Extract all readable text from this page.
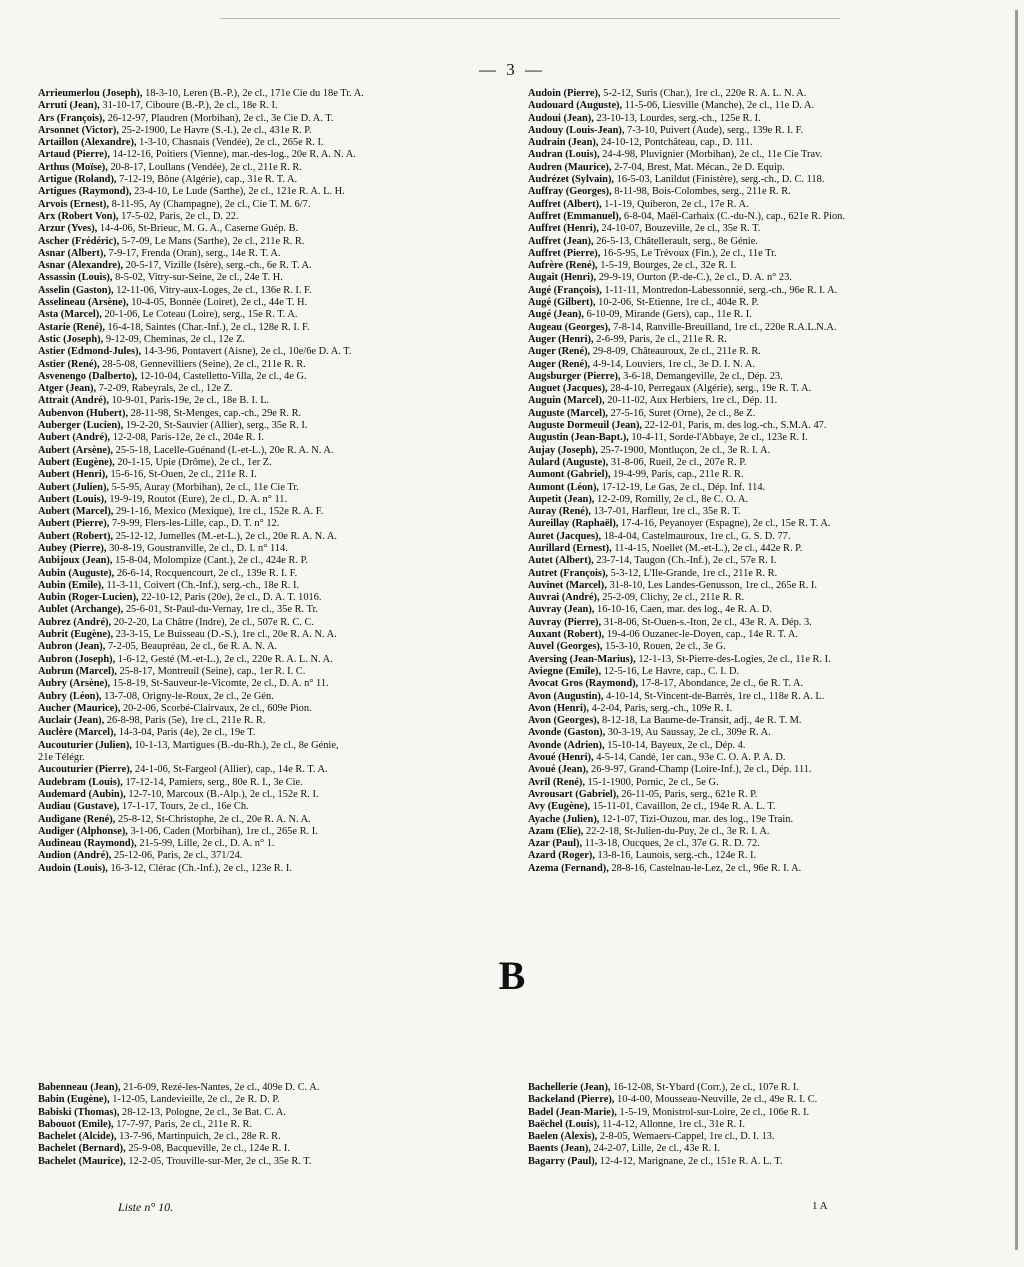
— 3 —
Arrieumerlou (Joseph), 18-3-10, Leren (B.-P.), 2e cl., 171e Cie du 18e Tr. A.
Arruti (Jean), 31-10-17, Ciboure (B.-P.), 2e cl., 18e R. I.
Ars (François), 26-12-97, Plaudren (Morbihan), 2e cl., 3e Cie D. A. T.
Arsonnet (Victor), 25-2-1900, Le Havre (S.-I.), 2e cl., 431e R. P.
Artaillon (Alexandre), 1-3-10, Chasnais (Vendée), 2e cl., 265e R. I.
Artaud (Pierre), 14-12-16, Poitiers (Vienne), mar.-des-log., 20e R. A. N. A.
Arthus (Moïse), 20-8-17, Loullans (Vendée), 2e cl., 211e R. R.
Artigue (Roland), 7-12-19, Bône (Algérie), cap., 31e R. T. A.
Artigues (Raymond), 23-4-10, Le Lude (Sarthe), 2e cl., 121e R. A. L. H.
Arvois (Ernest), 8-11-95, Ay (Champagne), 2e cl., Cie T. M. 6/7.
Arx (Robert Von), 17-5-02, Paris, 2e cl., D. 22.
Arzur (Yves), 14-4-06, St-Brieuc, M. G. A., Caserne Guép. B.
Ascher (Frédéric), 5-7-09, Le Mans (Sarthe), 2e cl., 211e R. R.
Asnar (Albert), 7-9-17, Frenda (Oran), serg., 14e R. T. A.
Asnar (Alexandre), 20-5-17, Vizille (Isère), serg.-ch., 6e R. T. A.
Assassin (Louis), 8-5-02, Vitry-sur-Seine, 2e cl., 24e T. H.
Asselin (Gaston), 12-11-06, Vitry-aux-Loges, 2e cl., 136e R. I. F.
Asselineau (Arsène), 10-4-05, Bonnée (Loiret), 2e cl., 44e T. H.
Asta (Marcel), 20-1-06, Le Coteau (Loire), serg., 15e R. T. A.
Astarie (René), 16-4-18, Saintes (Char.-Inf.), 2e cl., 128e R. I. F.
Astic (Joseph), 9-12-09, Cheminas, 2e cl., 12e Z.
Astier (Edmond-Jules), 14-3-96, Pontavert (Aisne), 2e cl., 10e/6e D. A. T.
Astier (René), 28-5-08, Gennevilliers (Seine), 2e cl., 211e R. R.
Asvenengo (Dalberto), 12-10-04, Castelletto-Villa, 2e cl., 4e G.
Atger (Jean), 7-2-09, Rabeyrals, 2e cl., 12e Z.
Attrait (André), 10-9-01, Paris-19e, 2e cl., 18e B. I. L.
Aubenvon (Hubert), 28-11-98, St-Menges, cap.-ch., 29e R. R.
Auberger (Lucien), 19-2-20, St-Sauvier (Allier), serg., 35e R. I.
Aubert (André), 12-2-08, Paris-12e, 2e cl., 204e R. I.
Aubert (Arsène), 25-5-18, Lacelle-Guénand (I.-et-L.), 20e R. A. N. A.
Aubert (Eugène), 20-1-15, Upie (Drôme), 2e cl., 1er Z.
Aubert (Henri), 15-6-16, St-Ouen, 2e cl., 211e R. I.
Aubert (Julien), 5-5-95, Auray (Morbihan), 2e cl., 11e Cie Tr.
Aubert (Louis), 19-9-19, Routot (Eure), 2e cl., D. A. n° 11.
Aubert (Marcel), 29-1-16, Mexico (Mexique), 1re cl., 152e R. A. F.
Aubert (Pierre), 7-9-99, Flers-les-Lille, cap., D. T. n° 12.
Aubert (Robert), 25-12-12, Jumelles (M.-et-L.), 2e cl., 20e R. A. N. A.
Aubey (Pierre), 30-8-19, Goustranville, 2e cl., D. I. n° 114.
Aubijoux (Jean), 15-8-04, Molompize (Cant.), 2e cl., 424e R. P.
Aubin (Auguste), 26-6-14, Rocquencourt, 2e cl., 139e R. I. F.
Aubin (Emile), 11-3-11, Coivert (Ch.-Inf.), serg.-ch., 18e R. I.
Aubin (Roger-Lucien), 22-10-12, Paris (20e), 2e cl., D. A. T. 1016.
Aublet (Archange), 25-6-01, St-Paul-du-Vernay, 1re cl., 35e R. Tr.
Aubrez (André), 20-2-20, La Châtre (Indre), 2e cl., 507e R. C. C.
Aubrit (Eugène), 23-3-15, Le Buisseau (D.-S.), 1re cl., 20e R. A. N. A.
Aubron (Jean), 7-2-05, Beaupréau, 2e cl., 6e R. A. N. A.
Aubron (Joseph), 1-6-12, Gesté (M.-et-L.), 2e cl., 220e R. A. L. N. A.
Aubrun (Marcel), 25-8-17, Montreuil (Seine), cap., 1er R. I. C.
Aubry (Arsène), 15-8-19, St-Sauveur-le-Vicomte, 2e cl., D. A. n° 11.
Aubry (Léon), 13-7-08, Origny-le-Roux, 2e cl., 2e Gén.
Aucher (Maurice), 20-2-06, Scorbé-Clairvaux, 2e cl., 609e Pion.
Auclair (Jean), 26-8-98, Paris (5e), 1re cl., 211e R. R.
Auclère (Marcel), 14-3-04, Paris (4e), 2e cl., 19e T.
Aucouturier (Julien), 10-1-13, Martigues (B.-du-Rh.), 2e cl., 8e Génie,
21e Télégr.
Aucouturier (Pierre), 24-1-06, St-Fargeol (Allier), cap., 14e R. T. A.
Audebram (Louis), 17-12-14, Pamiers, serg., 80e R. I., 3e Cie.
Audemard (Aubin), 12-7-10, Marcoux (B.-Alp.), 2e cl., 152e R. I.
Audiau (Gustave), 17-1-17, Tours, 2e cl., 16e Ch.
Audigane (René), 25-8-12, St-Christophe, 2e cl., 20e R. A. N. A.
Audiger (Alphonse), 3-1-06, Caden (Morbihan), 1re cl., 265e R. I.
Audineau (Raymond), 21-5-99, Lille, 2e cl., D. A. n° 1.
Audion (André), 25-12-06, Paris, 2e cl., 371/24.
Audoin (Louis), 16-3-12, Clérac (Ch.-Inf.), 2e cl., 123e R. I.
Audoin (Pierre), 5-2-12, Suris (Char.), 1re cl., 220e R. A. L. N. A.
Audouard (Auguste), 11-5-06, Liesville (Manche), 2e cl., 11e D. A.
Audoui (Jean), 23-10-13, Lourdes, serg.-ch., 125e R. I.
Audouy (Louis-Jean), 7-3-10, Puivert (Aude), serg., 139e R. I. F.
Audrain (Jean), 24-10-12, Pontchâteau, cap., D. 111.
Audran (Louis), 24-4-98, Pluvignier (Morbihan), 2e cl., 11e Cie Trav.
Audren (Maurice), 2-7-04, Brest, Mat. Mécan., 2e D. Equip.
Audrézet (Sylvain), 16-5-03, Lanildut (Finistère), serg.-ch., D. C. 118.
Auffray (Georges), 8-11-98, Bois-Colombes, serg., 211e R. R.
Auffret (Albert), 1-1-19, Quiberon, 2e cl., 17e R. A.
Auffret (Emmanuel), 6-8-04, Maël-Carhaix (C.-du-N.), cap., 621e R. Pion.
Auffret (Henri), 24-10-07, Bouzeville, 2e cl., 35e R. T.
Auffret (Jean), 26-5-13, Châtellerault, serg., 8e Génie.
Auffret (Pierre), 16-5-95, Le Trévoux (Fin.), 2e cl., 11e Tr.
Aufrère (René), 1-5-19, Bourges, 2e cl., 32e R. I.
Augait (Henri), 29-9-19, Ourton (P.-de-C.), 2e cl., D. A. n° 23.
Augé (François), 1-11-11, Montredon-Labessonnié, serg.-ch., 96e R. I. A.
Augé (Gilbert), 10-2-06, St-Etienne, 1re cl., 404e R. P.
Augé (Jean), 6-10-09, Mirande (Gers), cap., 11e R. I.
Augeau (Georges), 7-8-14, Ranville-Breuilland, 1re cl., 220e R.A.L.N.A.
Auger (Henri), 2-6-99, Paris, 2e cl., 211e R. R.
Auger (René), 29-8-09, Châteauroux, 2e cl., 211e R. R.
Auger (René), 4-9-14, Louviers, 1re cl., 3e D. I. N. A.
Augsburger (Pierre), 3-6-18, Demangeville, 2e cl., Dép. 23.
Auguet (Jacques), 28-4-10, Perregaux (Algérie), serg., 19e R. T. A.
Auguin (Marcel), 20-11-02, Aux Herbiers, 1re cl., Dép. 11.
Auguste (Marcel), 27-5-16, Suret (Orne), 2e cl., 8e Z.
Auguste Dormeuil (Jean), 22-12-01, Paris, m. des log.-ch., S.M.A. 47.
Augustin (Jean-Bapt.), 10-4-11, Sorde-l'Abbaye, 2e cl., 123e R. I.
Aujay (Joseph), 25-7-1900, Montluçon, 2e cl., 3e R. I. A.
Aulard (Auguste), 31-8-06, Rueil, 2e cl., 207e R. P.
Aumont (Gabriel), 19-4-99, Paris, cap., 211e R. R.
Aumont (Léon), 17-12-19, Le Gas, 2e cl., Dép. Inf. 114.
Aupetit (Jean), 12-2-09, Romilly, 2e cl., 8e C. O. A.
Auray (René), 13-7-01, Harfleur, 1re cl., 35e R. T.
Aureillay (Raphaël), 17-4-16, Peyanoyer (Espagne), 2e cl., 15e R. T. A.
Auret (Jacques), 18-4-04, Castelmauroux, 1re cl., G. S. D. 77.
Aurillard (Ernest), 11-4-15, Noellet (M.-et-L.), 2e cl., 442e R. P.
Autet (Albert), 23-7-14, Taugon (Ch.-Inf.), 2e cl., 57e R. I.
Autret (François), 5-3-12, L'Ile-Grande, 1re cl., 211e R. R.
Auvinet (Marcel), 31-8-10, Les Landes-Genusson, 1re cl., 265e R. I.
Auvrai (André), 25-2-09, Clichy, 2e cl., 211e R. R.
Auvray (Jean), 16-10-16, Caen, mar. des log., 4e R. A. D.
Auvray (Pierre), 31-8-06, St-Ouen-s.-Iton, 2e cl., 43e R. A. Dép. 3.
Auxant (Robert), 19-4-06 Ouzanec-le-Doyen, cap., 14e R. T. A.
Auvel (Georges), 15-3-10, Rouen, 2e cl., 3e G.
Aversing (Jean-Marius), 12-1-13, St-Pierre-des-Logies, 2e cl., 11e R. I.
Aviegne (Emile), 12-5-16, Le Havre, cap., C. I. D.
Avocat Gros (Raymond), 17-8-17, Abondance, 2e cl., 6e R. T. A.
Avon (Augustin), 4-10-14, St-Vincent-de-Barrès, 1re cl., 118e R. A. L.
Avon (Henri), 4-2-04, Paris, serg.-ch., 109e R. I.
Avon (Georges), 8-12-18, La Baume-de-Transit, adj., 4e R. T. M.
Avonde (Gaston), 30-3-19, Au Saussay, 2e cl., 309e R. A.
Avonde (Adrien), 15-10-14, Bayeux, 2e cl., Dép. 4.
Avoué (Henri), 4-5-14, Candé, 1er can., 93e C. O. A. P. A. D.
Avoué (Jean), 26-9-97, Grand-Champ (Loire-Inf.), 2e cl., Dép. 111.
Avril (René), 15-1-1900, Pornic, 2e cl., 5e G.
Avrousart (Gabriel), 26-11-05, Paris, serg., 621e R. P.
Avy (Eugène), 15-11-01, Cavaillon, 2e cl., 194e R. A. L. T.
Ayache (Julien), 12-1-07, Tizi-Ouzou, mar. des log., 19e Train.
Azam (Elie), 22-2-18, St-Julien-du-Puy, 2e cl., 3e R. I. A.
Azar (Paul), 11-3-18, Oucques, 2e cl., 37e G. R. D. 72.
Azard (Roger), 13-8-16, Launois, serg.-ch., 124e R. I.
Azema (Fernand), 28-8-16, Castelnau-le-Lez, 2e cl., 96e R. I. A.
B
Babenneau (Jean), 21-6-09, Rezé-les-Nantes, 2e cl., 409e D. C. A.
Babin (Eugène), 1-12-05, Landevieille, 2e cl., 2e R. D. P.
Babiski (Thomas), 28-12-13, Pologne, 2e cl., 3e Bat. C. A.
Babouot (Emile), 17-7-97, Paris, 2e cl., 211e R. R.
Bachelet (Alcide), 13-7-96, Martinpuich, 2e cl., 28e R. R.
Bachelet (Bernard), 25-9-08, Bacqueville, 2e cl., 124e R. I.
Bachelet (Maurice), 12-2-05, Trouville-sur-Mer, 2e cl., 35e R. T.
Bachellerie (Jean), 16-12-08, St-Ybard (Corr.), 2e cl., 107e R. I.
Backeland (Pierre), 10-4-00, Mousseau-Neuville, 2e cl., 49e R. I. C.
Badel (Jean-Marie), 1-5-19, Monistrol-sur-Loire, 2e cl., 106e R. I.
Baëchel (Louis), 11-4-12, Allonne, 1re cl., 31e R. I.
Baelen (Alexis), 2-8-05, Wemaers-Cappel, 1re cl., D. I. 13.
Baents (Jean), 24-2-07, Lille, 2e cl., 43e R. I.
Bagarry (Paul), 12-4-12, Marignane, 2e cl., 151e R. A. L. T.
Liste n° 10.	1 A
